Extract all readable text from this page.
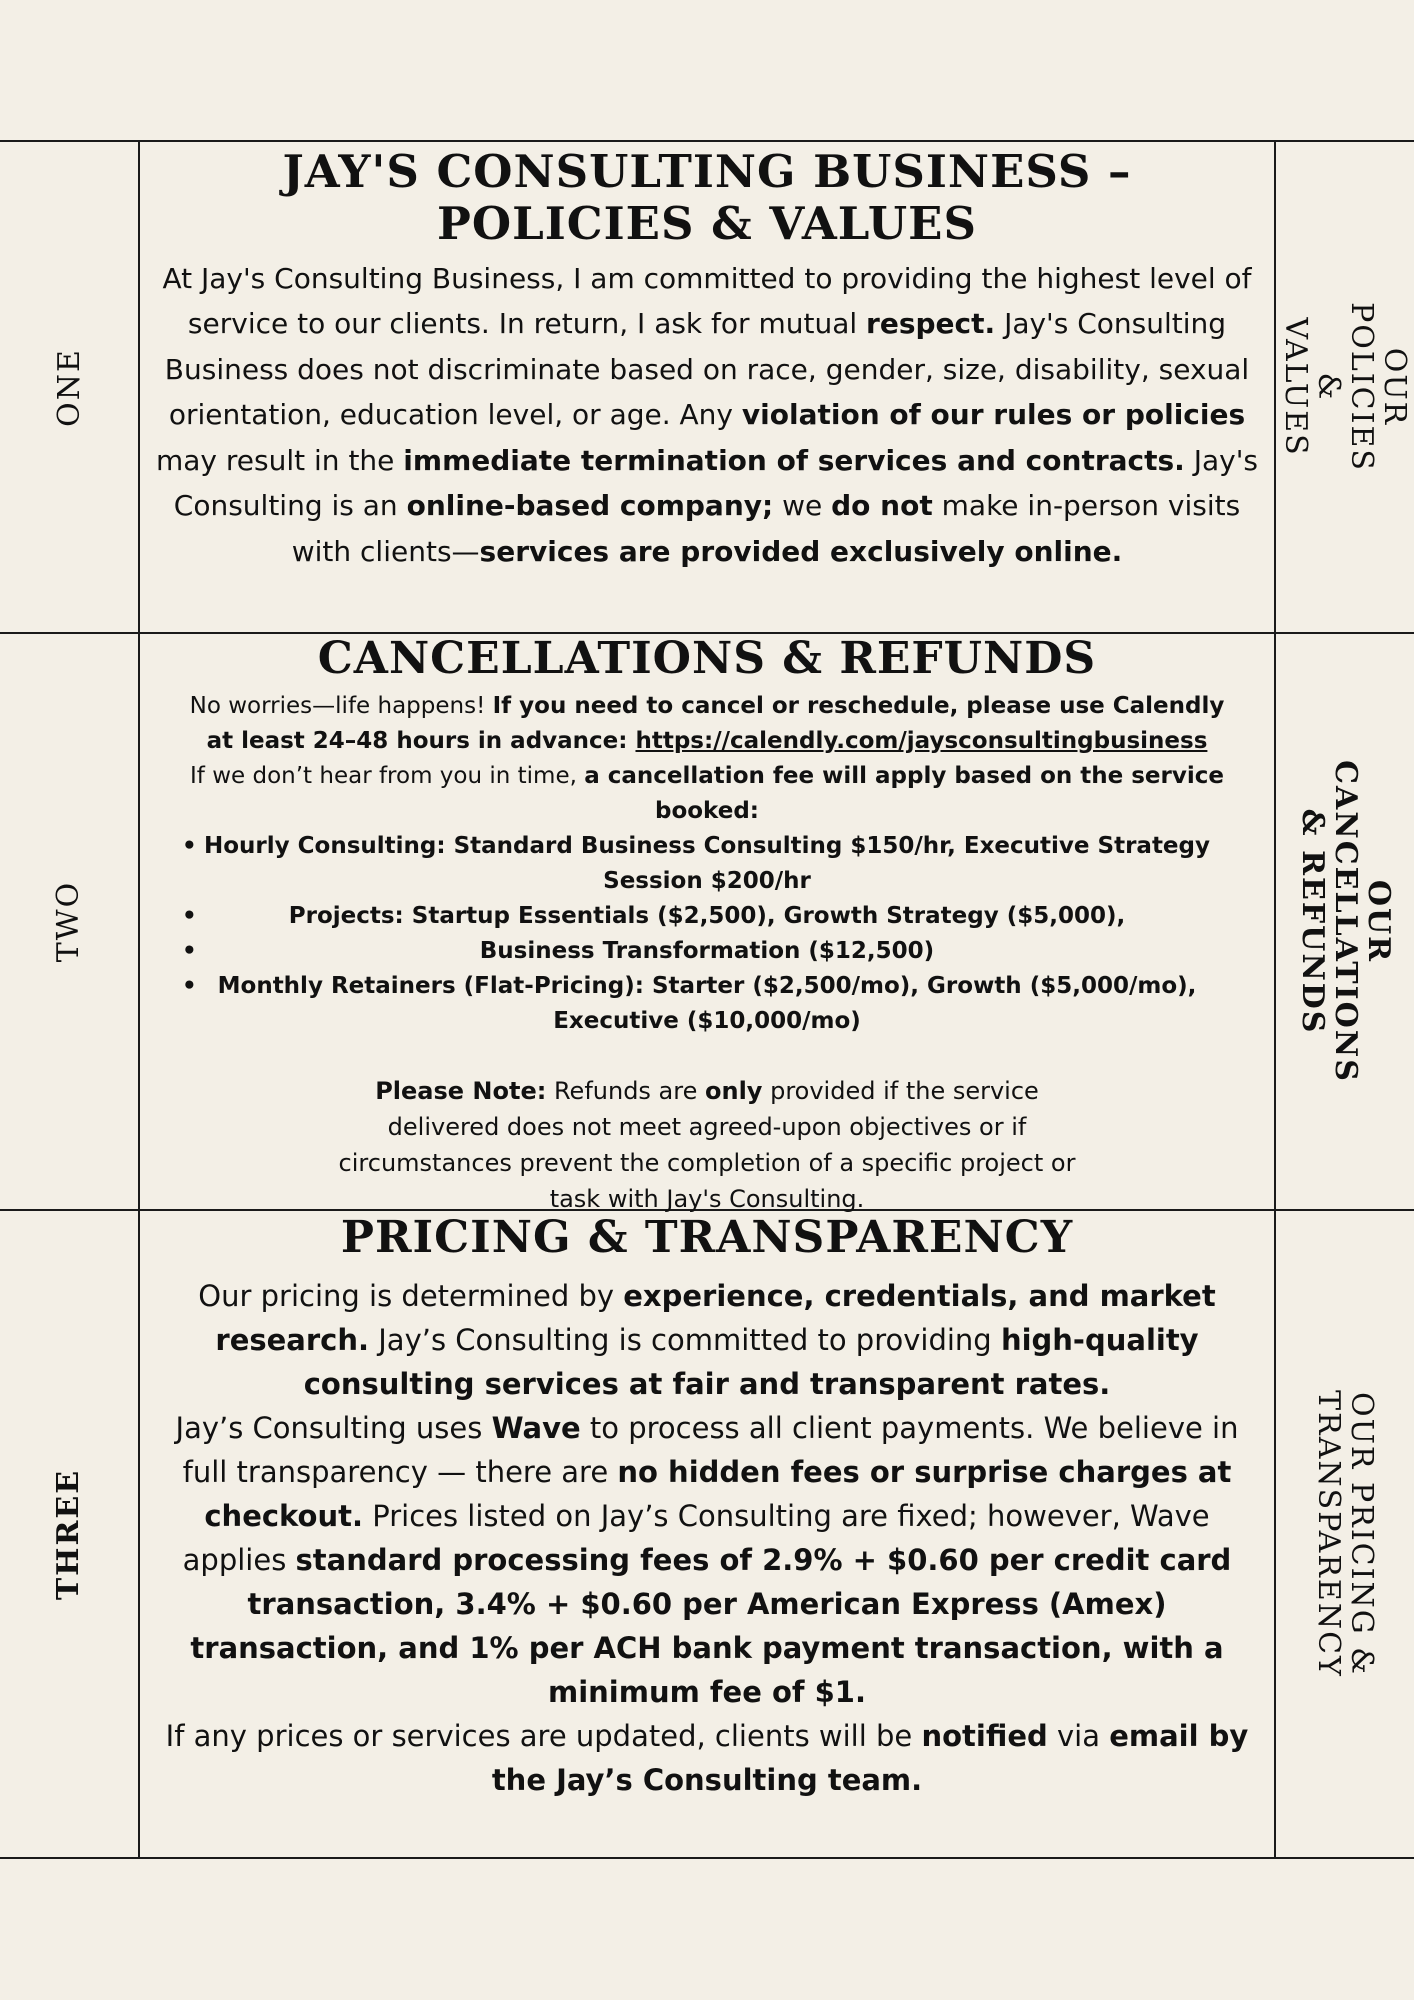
ONE	OUR POLICIES & VALUES
JAY'S CONSULTING BUSINESS –
POLICIES & VALUES

At Jay's Consulting Business, I am committed to providing the highest level of service to our clients. In return, I ask for mutual respect. Jay's Consulting Business does not discriminate based on race, gender, size, disability, sexual orientation, education level, or age. Any violation of our rules or policies may result in the immediate termination of services and contracts. Jay's Consulting is an online-based company; we do not make in-person visits with clients—services are provided exclusively online.

TWO	OUR CANCELLATIONS & REFUNDS
CANCELLATIONS & REFUNDS

No worries—life happens! If you need to cancel or reschedule, please use Calendly at least 24–48 hours in advance: https://calendly.com/jaysconsultingbusiness
If we don’t hear from you in time, a cancellation fee will apply based on the service booked:

• Hourly Consulting: Standard Business Consulting $150/hr, Executive Strategy Session $200/hr
• Projects: Startup Essentials ($2,500), Growth Strategy ($5,000),
• Business Transformation ($12,500)
• Monthly Retainers (Flat-Pricing): Starter ($2,500/mo), Growth ($5,000/mo), Executive ($10,000/mo)

Please Note: Refunds are only provided if the service delivered does not meet agreed-upon objectives or if circumstances prevent the completion of a specific project or task with Jay's Consulting.

THREE	OUR PRICING & TRANSPARENCY
PRICING & TRANSPARENCY

Our pricing is determined by experience, credentials, and market research. Jay’s Consulting is committed to providing high-quality consulting services at fair and transparent rates.

Jay’s Consulting uses Wave to process all client payments. We believe in full transparency — there are no hidden fees or surprise charges at checkout. Prices listed on Jay’s Consulting are fixed; however, Wave applies standard processing fees of 2.9% + $0.60 per credit card transaction, 3.4% + $0.60 per American Express (Amex) transaction, and 1% per ACH bank payment transaction, with a minimum fee of $1.

If any prices or services are updated, clients will be notified via email by the Jay’s Consulting team.
